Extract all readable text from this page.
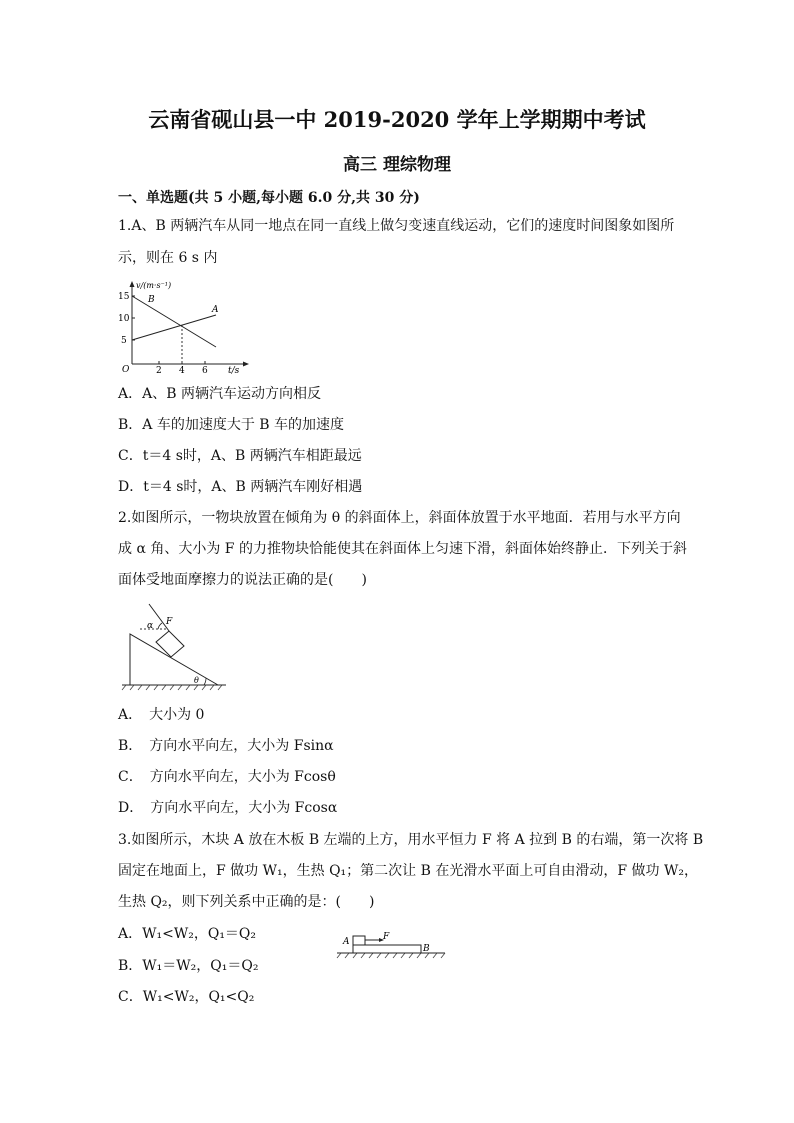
云南省砚山县一中 2019-2020 学年上学期期中考试
高三 理综物理
一、单选题(共 5 小题,每小题 6.0 分,共 30 分)
1.A、B 两辆汽车从同一地点在同一直线上做匀变速直线运动，它们的速度时间图象如图所
示，则在 6 s 内
v/(m·s⁻¹)
15
10
5
O	2 4 6 t/s
B
A
A．A、B 两辆汽车运动方向相反
B．A 车的加速度大于 B 车的加速度
C．t＝4 s时，A、B 两辆汽车相距最远
D．t＝4 s时，A、B 两辆汽车刚好相遇
2.如图所示，一物块放置在倾角为 θ 的斜面体上，斜面体放置于水平地面．若用与水平方向
成 α 角、大小为 F 的力推物块恰能使其在斜面体上匀速下滑，斜面体始终静止．下列关于斜
面体受地面摩擦力的说法正确的是(　　)
α F
θ
A．　大小为 0
B．　方向水平向左，大小为 Fsinα
C．　方向水平向左，大小为 Fcosθ
D．　方向水平向左，大小为 Fcosα
3.如图所示，木块 A 放在木板 B 左端的上方，用水平恒力 F 将 A 拉到 B 的右端，第一次将 B
固定在地面上，F 做功 W₁，生热 Q₁；第二次让 B 在光滑水平面上可自由滑动，F 做功 W₂，
生热 Q₂，则下列关系中正确的是：(　　)
A	F
B
A．W₁<W₂，Q₁＝Q₂
B．W₁＝W₂，Q₁＝Q₂
C．W₁<W₂，Q₁<Q₂
